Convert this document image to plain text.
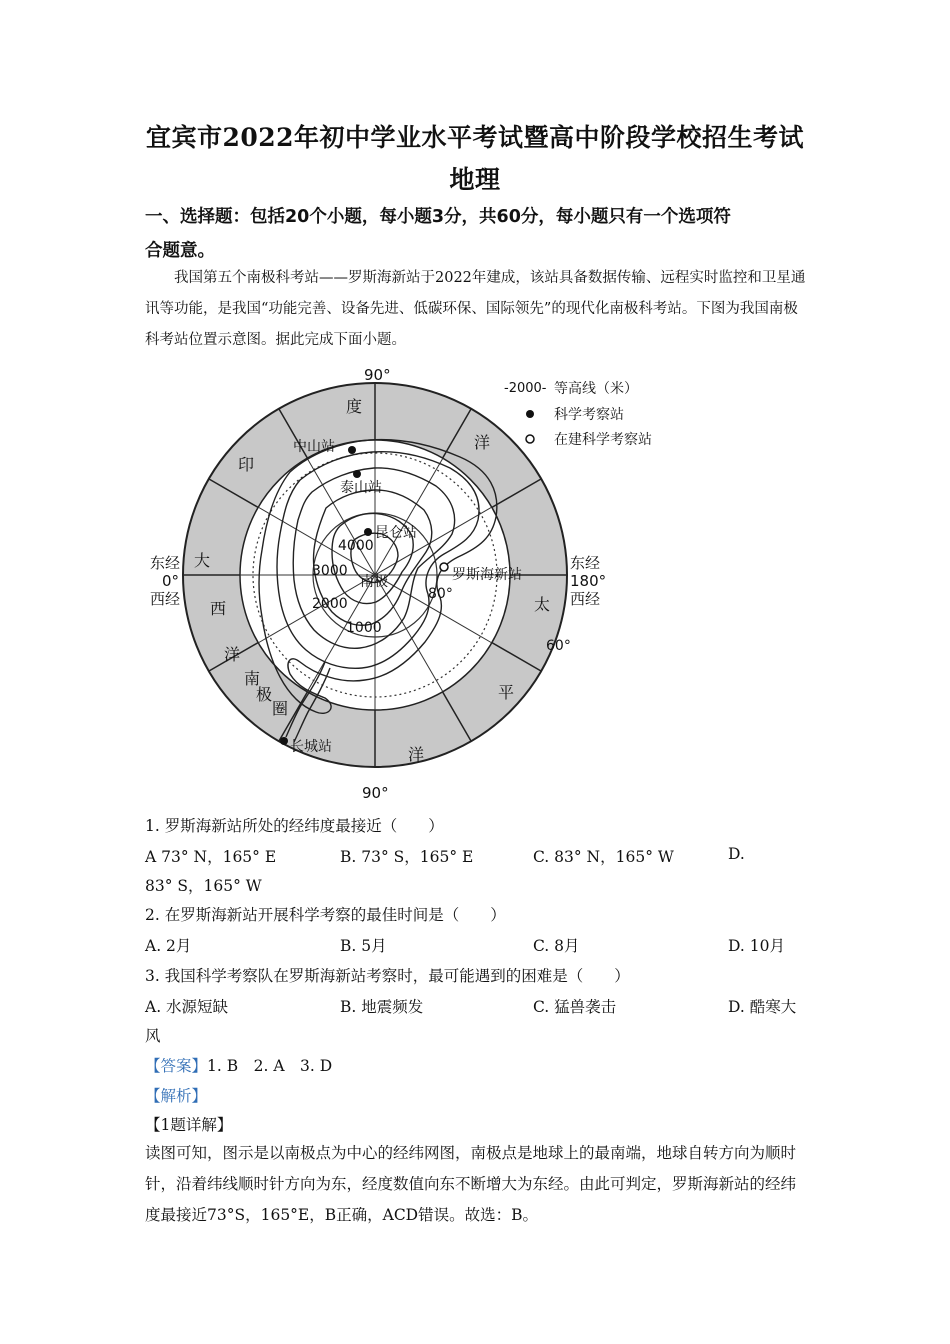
宜宾市2022年初中学业水平考试暨高中阶段学校招生考试
地理
一、选择题：包括20个小题，每小题3分，共60分，每小题只有一个选项符
合题意。
我国第五个南极科考站——罗斯海新站于2022年建成，该站具备数据传输、远程实时监控和卫星通讯等功能，是我国“功能完善、设备先进、低碳环保、国际领先”的现代化南极科考站。下图为我国南极科考站位置示意图。据此完成下面小题。
中山站
泰山站
昆仑站
罗斯海新站
长城站
4000
3000
2000
1000
南极
80°
60°
90°
90°
东经
0°
西经
东经
180°
西经
度
洋
印
大
西
洋
太
平
洋
南
极
圈
-2000- 等高线（米）
科学考察站
在建科学考察站
1. 罗斯海新站所处的经纬度最接近（　　）
A 73° N，165° E	B. 73° S，165° E	C. 83° N，165° W	D.
83° S，165° W
2. 在罗斯海新站开展科学考察的最佳时间是（　　）
A. 2月	B. 5月	C. 8月	D. 10月
3. 我国科学考察队在罗斯海新站考察时，最可能遇到的困难是（　　）
A. 水源短缺	B. 地震频发	C. 猛兽袭击	D. 酷寒大
风
【答案】1. B　2. A　3. D
【解析】
【1题详解】
读图可知，图示是以南极点为中心的经纬网图，南极点是地球上的最南端，地球自转方向为顺时针，沿着纬线顺时针方向为东，经度数值向东不断增大为东经。由此可判定，罗斯海新站的经纬度最接近73°S，165°E，B正确，ACD错误。故选：B。
